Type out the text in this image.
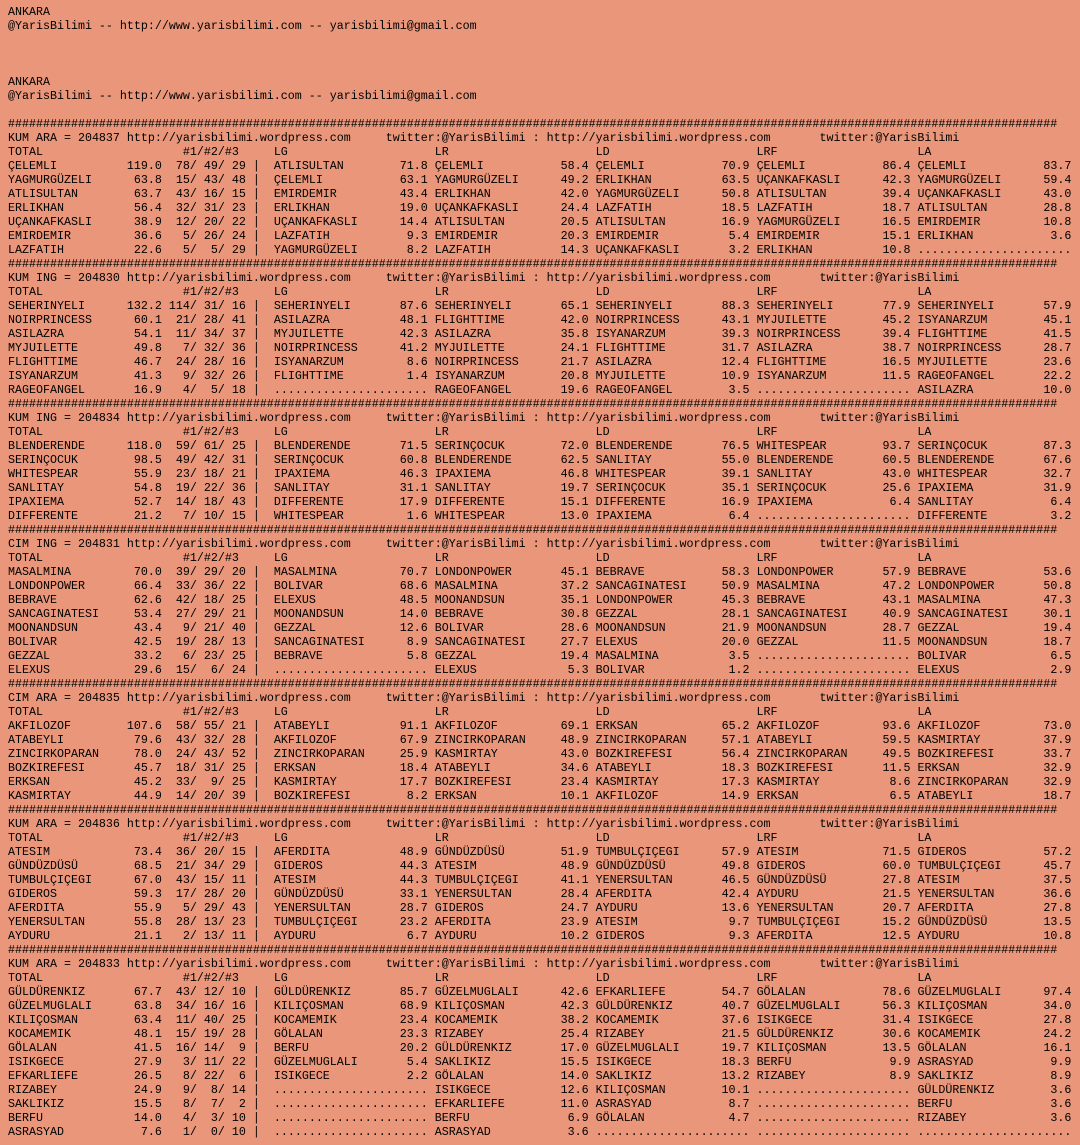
ANKARA
@YarisBilimi -- http://www.yarisbilimi.com -- yarisbilimi@gmail.com
ANKARA
@YarisBilimi -- http://www.yarisbilimi.com -- yarisbilimi@gmail.com
######################################################################################################################################################
KUM ARA = 204837 http://yarisbilimi.wordpress.com	twitter:@YarisBilimi : http://yarisbilimi.wordpress.com	twitter:@YarisBilimi
TOTAL                    #1/#2/#3     LG                     LR                     LD                     LRF                    LA
ÇELEMLI          119.0  78/ 49/ 29 |  ATLISULTAN        71.8 ÇELEMLI           58.4 ÇELEMLI           70.9 ÇELEMLI           86.4 ÇELEMLI           83.7
YAGMURGÜZELI      63.8  15/ 43/ 48 |  ÇELEMLI           63.1 YAGMURGÜZELI      49.2 ERLIKHAN          63.5 UÇANKAFKASLI      42.3 YAGMURGÜZELI      59.4
ATLISULTAN        63.7  43/ 16/ 15 |  EMIRDEMIR         43.4 ERLIKHAN          42.0 YAGMURGÜZELI      50.8 ATLISULTAN        39.4 UÇANKAFKASLI      43.0
ERLIKHAN          56.4  32/ 31/ 23 |  ERLIKHAN          19.0 UÇANKAFKASLI      24.4 LAZFATIH          18.5 LAZFATIH          18.7 ATLISULTAN        28.8
UÇANKAFKASLI      38.9  12/ 20/ 22 |  UÇANKAFKASLI      14.4 ATLISULTAN        20.5 ATLISULTAN        16.9 YAGMURGÜZELI      16.5 EMIRDEMIR         10.8
EMIRDEMIR         36.6   5/ 26/ 24 |  LAZFATIH           9.3 EMIRDEMIR         20.3 EMIRDEMIR          5.4 EMIRDEMIR         15.1 ERLIKHAN           3.6
LAZFATIH          22.6   5/  5/ 29 |  YAGMURGÜZELI       8.2 LAZFATIH          14.3 UÇANKAFKASLI       3.2 ERLIKHAN          10.8 ......................
######################################################################################################################################################
KUM ING = 204830 http://yarisbilimi.wordpress.com	twitter:@YarisBilimi : http://yarisbilimi.wordpress.com	twitter:@YarisBilimi
TOTAL                    #1/#2/#3     LG                     LR                     LD                     LRF                    LA
SEHERINYELI      132.2 114/ 31/ 16 |  SEHERINYELI       87.6 SEHERINYELI       65.1 SEHERINYELI       88.3 SEHERINYELI       77.9 SEHERINYELI       57.9
NOIRPRINCESS      60.1  21/ 28/ 41 |  ASILAZRA          48.1 FLIGHTTIME        42.0 NOIRPRINCESS      43.1 MYJUILETTE        45.2 ISYANARZUM        45.1
ASILAZRA          54.1  11/ 34/ 37 |  MYJUILETTE        42.3 ASILAZRA          35.8 ISYANARZUM        39.3 NOIRPRINCESS      39.4 FLIGHTTIME        41.5
MYJUILETTE        49.8   7/ 32/ 36 |  NOIRPRINCESS      41.2 MYJUILETTE        24.1 FLIGHTTIME        31.7 ASILAZRA          38.7 NOIRPRINCESS      28.7
FLIGHTTIME        46.7  24/ 28/ 16 |  ISYANARZUM         8.6 NOIRPRINCESS      21.7 ASILAZRA          12.4 FLIGHTTIME        16.5 MYJUILETTE        23.6
ISYANARZUM        41.3   9/ 32/ 26 |  FLIGHTTIME         1.4 ISYANARZUM        20.8 MYJUILETTE        10.9 ISYANARZUM        11.5 RAGEOFANGEL       22.2
RAGEOFANGEL       16.9   4/  5/ 18 |  ...................... RAGEOFANGEL       19.6 RAGEOFANGEL        3.5 ...................... ASILAZRA          10.0
######################################################################################################################################################
KUM ING = 204834 http://yarisbilimi.wordpress.com	twitter:@YarisBilimi : http://yarisbilimi.wordpress.com	twitter:@YarisBilimi
TOTAL                    #1/#2/#3     LG                     LR                     LD                     LRF                    LA
BLENDERENDE      118.0  59/ 61/ 25 |  BLENDERENDE       71.5 SERINÇOCUK        72.0 BLENDERENDE       76.5 WHITESPEAR        93.7 SERINÇOCUK        87.3
SERINÇOCUK        98.5  49/ 42/ 31 |  SERINÇOCUK        60.8 BLENDERENDE       62.5 SANLITAY          55.0 BLENDERENDE       60.5 BLENDERENDE       67.6
WHITESPEAR        55.9  23/ 18/ 21 |  IPAXIEMA          46.3 IPAXIEMA          46.8 WHITESPEAR        39.1 SANLITAY          43.0 WHITESPEAR        32.7
SANLITAY          54.8  19/ 22/ 36 |  SANLITAY          31.1 SANLITAY          19.7 SERINÇOCUK        35.1 SERINÇOCUK        25.6 IPAXIEMA          31.9
IPAXIEMA          52.7  14/ 18/ 43 |  DIFFERENTE        17.9 DIFFERENTE        15.1 DIFFERENTE        16.9 IPAXIEMA           6.4 SANLITAY           6.4
DIFFERENTE        21.2   7/ 10/ 15 |  WHITESPEAR         1.6 WHITESPEAR        13.0 IPAXIEMA           6.4 ...................... DIFFERENTE         3.2
######################################################################################################################################################
CIM ING = 204831 http://yarisbilimi.wordpress.com	twitter:@YarisBilimi : http://yarisbilimi.wordpress.com	twitter:@YarisBilimi
TOTAL                    #1/#2/#3     LG                     LR                     LD                     LRF                    LA
MASALMINA         70.0  39/ 29/ 20 |  MASALMINA         70.7 LONDONPOWER       45.1 BEBRAVE           58.3 LONDONPOWER       57.9 BEBRAVE           53.6
LONDONPOWER       66.4  33/ 36/ 22 |  BOLIVAR           68.6 MASALMINA         37.2 SANCAGINATESI     50.9 MASALMINA         47.2 LONDONPOWER       50.8
BEBRAVE           62.6  42/ 18/ 25 |  ELEXUS            48.5 MOONANDSUN        35.1 LONDONPOWER       45.3 BEBRAVE           43.1 MASALMINA         47.3
SANCAGINATESI     53.4  27/ 29/ 21 |  MOONANDSUN        14.0 BEBRAVE           30.8 GEZZAL            28.1 SANCAGINATESI     40.9 SANCAGINATESI     30.1
MOONANDSUN        43.4   9/ 21/ 40 |  GEZZAL            12.6 BOLIVAR           28.6 MOONANDSUN        21.9 MOONANDSUN        28.7 GEZZAL            19.4
BOLIVAR           42.5  19/ 28/ 13 |  SANCAGINATESI      8.9 SANCAGINATESI     27.7 ELEXUS            20.0 GEZZAL            11.5 MOONANDSUN        18.7
GEZZAL            33.2   6/ 23/ 25 |  BEBRAVE            5.8 GEZZAL            19.4 MASALMINA          3.5 ...................... BOLIVAR            6.5
ELEXUS            29.6  15/  6/ 24 |  ...................... ELEXUS             5.3 BOLIVAR            1.2 ...................... ELEXUS             2.9
######################################################################################################################################################
CIM ARA = 204835 http://yarisbilimi.wordpress.com	twitter:@YarisBilimi : http://yarisbilimi.wordpress.com	twitter:@YarisBilimi
TOTAL                    #1/#2/#3     LG                     LR                     LD                     LRF                    LA
AKFILOZOF        107.6  58/ 55/ 21 |  ATABEYLI          91.1 AKFILOZOF         69.1 ERKSAN            65.2 AKFILOZOF         93.6 AKFILOZOF         73.0
ATABEYLI          79.6  43/ 32/ 28 |  AKFILOZOF         67.9 ZINCIRKOPARAN     48.9 ZINCIRKOPARAN     57.1 ATABEYLI          59.5 KASMIRTAY         37.9
ZINCIRKOPARAN     78.0  24/ 43/ 52 |  ZINCIRKOPARAN     25.9 KASMIRTAY         43.0 BOZKIREFESI       56.4 ZINCIRKOPARAN     49.5 BOZKIREFESI       33.7
BOZKIREFESI       45.7  18/ 31/ 25 |  ERKSAN            18.4 ATABEYLI          34.6 ATABEYLI          18.3 BOZKIREFESI       11.5 ERKSAN            32.9
ERKSAN            45.2  33/  9/ 25 |  KASMIRTAY         17.7 BOZKIREFESI       23.4 KASMIRTAY         17.3 KASMIRTAY          8.6 ZINCIRKOPARAN     32.9
KASMIRTAY         44.9  14/ 20/ 39 |  BOZKIREFESI        8.2 ERKSAN            10.1 AKFILOZOF         14.9 ERKSAN             6.5 ATABEYLI          18.7
######################################################################################################################################################
KUM ARA = 204836 http://yarisbilimi.wordpress.com	twitter:@YarisBilimi : http://yarisbilimi.wordpress.com	twitter:@YarisBilimi
TOTAL                    #1/#2/#3     LG                     LR                     LD                     LRF                    LA
ATESIM            73.4  36/ 20/ 15 |  AFERDITA          48.9 GÜNDÜZDÜSÜ        51.9 TUMBULÇIÇEGI      57.9 ATESIM            71.5 GIDEROS           57.2
GÜNDÜZDÜSÜ        68.5  21/ 34/ 29 |  GIDEROS           44.3 ATESIM            48.9 GÜNDÜZDÜSÜ        49.8 GIDEROS           60.0 TUMBULÇIÇEGI      45.7
TUMBULÇIÇEGI      67.0  43/ 15/ 11 |  ATESIM            44.3 TUMBULÇIÇEGI      41.1 YENERSULTAN       46.5 GÜNDÜZDÜSÜ        27.8 ATESIM            37.5
GIDEROS           59.3  17/ 28/ 20 |  GÜNDÜZDÜSÜ        33.1 YENERSULTAN       28.4 AFERDITA          42.4 AYDURU            21.5 YENERSULTAN       36.6
AFERDITA          55.9   5/ 29/ 43 |  YENERSULTAN       28.7 GIDEROS           24.7 AYDURU            13.6 YENERSULTAN       20.7 AFERDITA          27.8
YENERSULTAN       55.8  28/ 13/ 23 |  TUMBULÇIÇEGI      23.2 AFERDITA          23.9 ATESIM             9.7 TUMBULÇIÇEGI      15.2 GÜNDÜZDÜSÜ        13.5
AYDURU            21.1   2/ 13/ 11 |  AYDURU             6.7 AYDURU            10.2 GIDEROS            9.3 AFERDITA          12.5 AYDURU            10.8
######################################################################################################################################################
KUM ARA = 204833 http://yarisbilimi.wordpress.com	twitter:@YarisBilimi : http://yarisbilimi.wordpress.com	twitter:@YarisBilimi
TOTAL                    #1/#2/#3     LG                     LR                     LD                     LRF                    LA
GÜLDÜRENKIZ       67.7  43/ 12/ 10 |  GÜLDÜRENKIZ       85.7 GÜZELMUGLALI      42.6 EFKARLIEFE        54.7 GÖLALAN           78.6 GÜZELMUGLALI      97.4
GÜZELMUGLALI      63.8  34/ 16/ 16 |  KILIÇOSMAN        68.9 KILIÇOSMAN        42.3 GÜLDÜRENKIZ       40.7 GÜZELMUGLALI      56.3 KILIÇOSMAN        34.0
KILIÇOSMAN        63.4  11/ 40/ 25 |  KOCAMEMIK         23.4 KOCAMEMIK         38.2 KOCAMEMIK         37.6 ISIKGECE          31.4 ISIKGECE          27.8
KOCAMEMIK         48.1  15/ 19/ 28 |  GÖLALAN           23.3 RIZABEY           25.4 RIZABEY           21.5 GÜLDÜRENKIZ       30.6 KOCAMEMIK         24.2
GÖLALAN           41.5  16/ 14/  9 |  BERFU             20.2 GÜLDÜRENKIZ       17.0 GÜZELMUGLALI      19.7 KILIÇOSMAN        13.5 GÖLALAN           16.1
ISIKGECE          27.9   3/ 11/ 22 |  GÜZELMUGLALI       5.4 SAKLIKIZ          15.5 ISIKGECE          18.3 BERFU              9.9 ASRASYAD           9.9
EFKARLIEFE        26.5   8/ 22/  6 |  ISIKGECE           2.2 GÖLALAN           14.0 SAKLIKIZ          13.2 RIZABEY            8.9 SAKLIKIZ           8.9
RIZABEY           24.9   9/  8/ 14 |  ...................... ISIKGECE          12.6 KILIÇOSMAN        10.1 ...................... GÜLDÜRENKIZ        3.6
SAKLIKIZ          15.5   8/  7/  2 |  ...................... EFKARLIEFE        11.0 ASRASYAD           8.7 ...................... BERFU              3.6
BERFU             14.0   4/  3/ 10 |  ...................... BERFU              6.9 GÖLALAN            4.7 ...................... RIZABEY            3.6
ASRASYAD           7.6   1/  0/ 10 |  ...................... ASRASYAD           3.6 ...................... ...................... ......................
